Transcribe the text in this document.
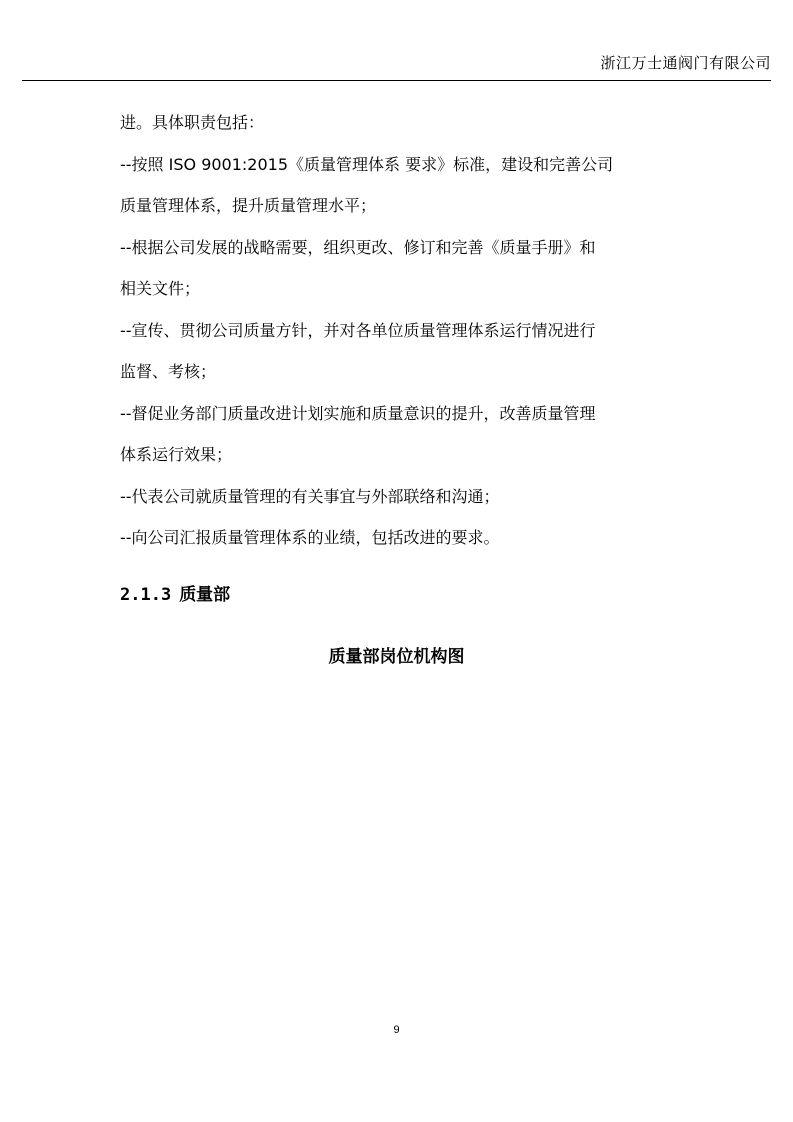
浙江万士通阀门有限公司
进。具体职责包括：
--按照 ISO 9001:2015《质量管理体系 要求》标准，建设和完善公司
质量管理体系，提升质量管理水平；
--根据公司发展的战略需要，组织更改、修订和完善《质量手册》和
相关文件；
--宣传、贯彻公司质量方针，并对各单位质量管理体系运行情况进行
监督、考核；
--督促业务部门质量改进计划实施和质量意识的提升，改善质量管理
体系运行效果；
--代表公司就质量管理的有关事宜与外部联络和沟通；
--向公司汇报质量管理体系的业绩，包括改进的要求。
2.1.3 质量部
质量部岗位机构图
9
